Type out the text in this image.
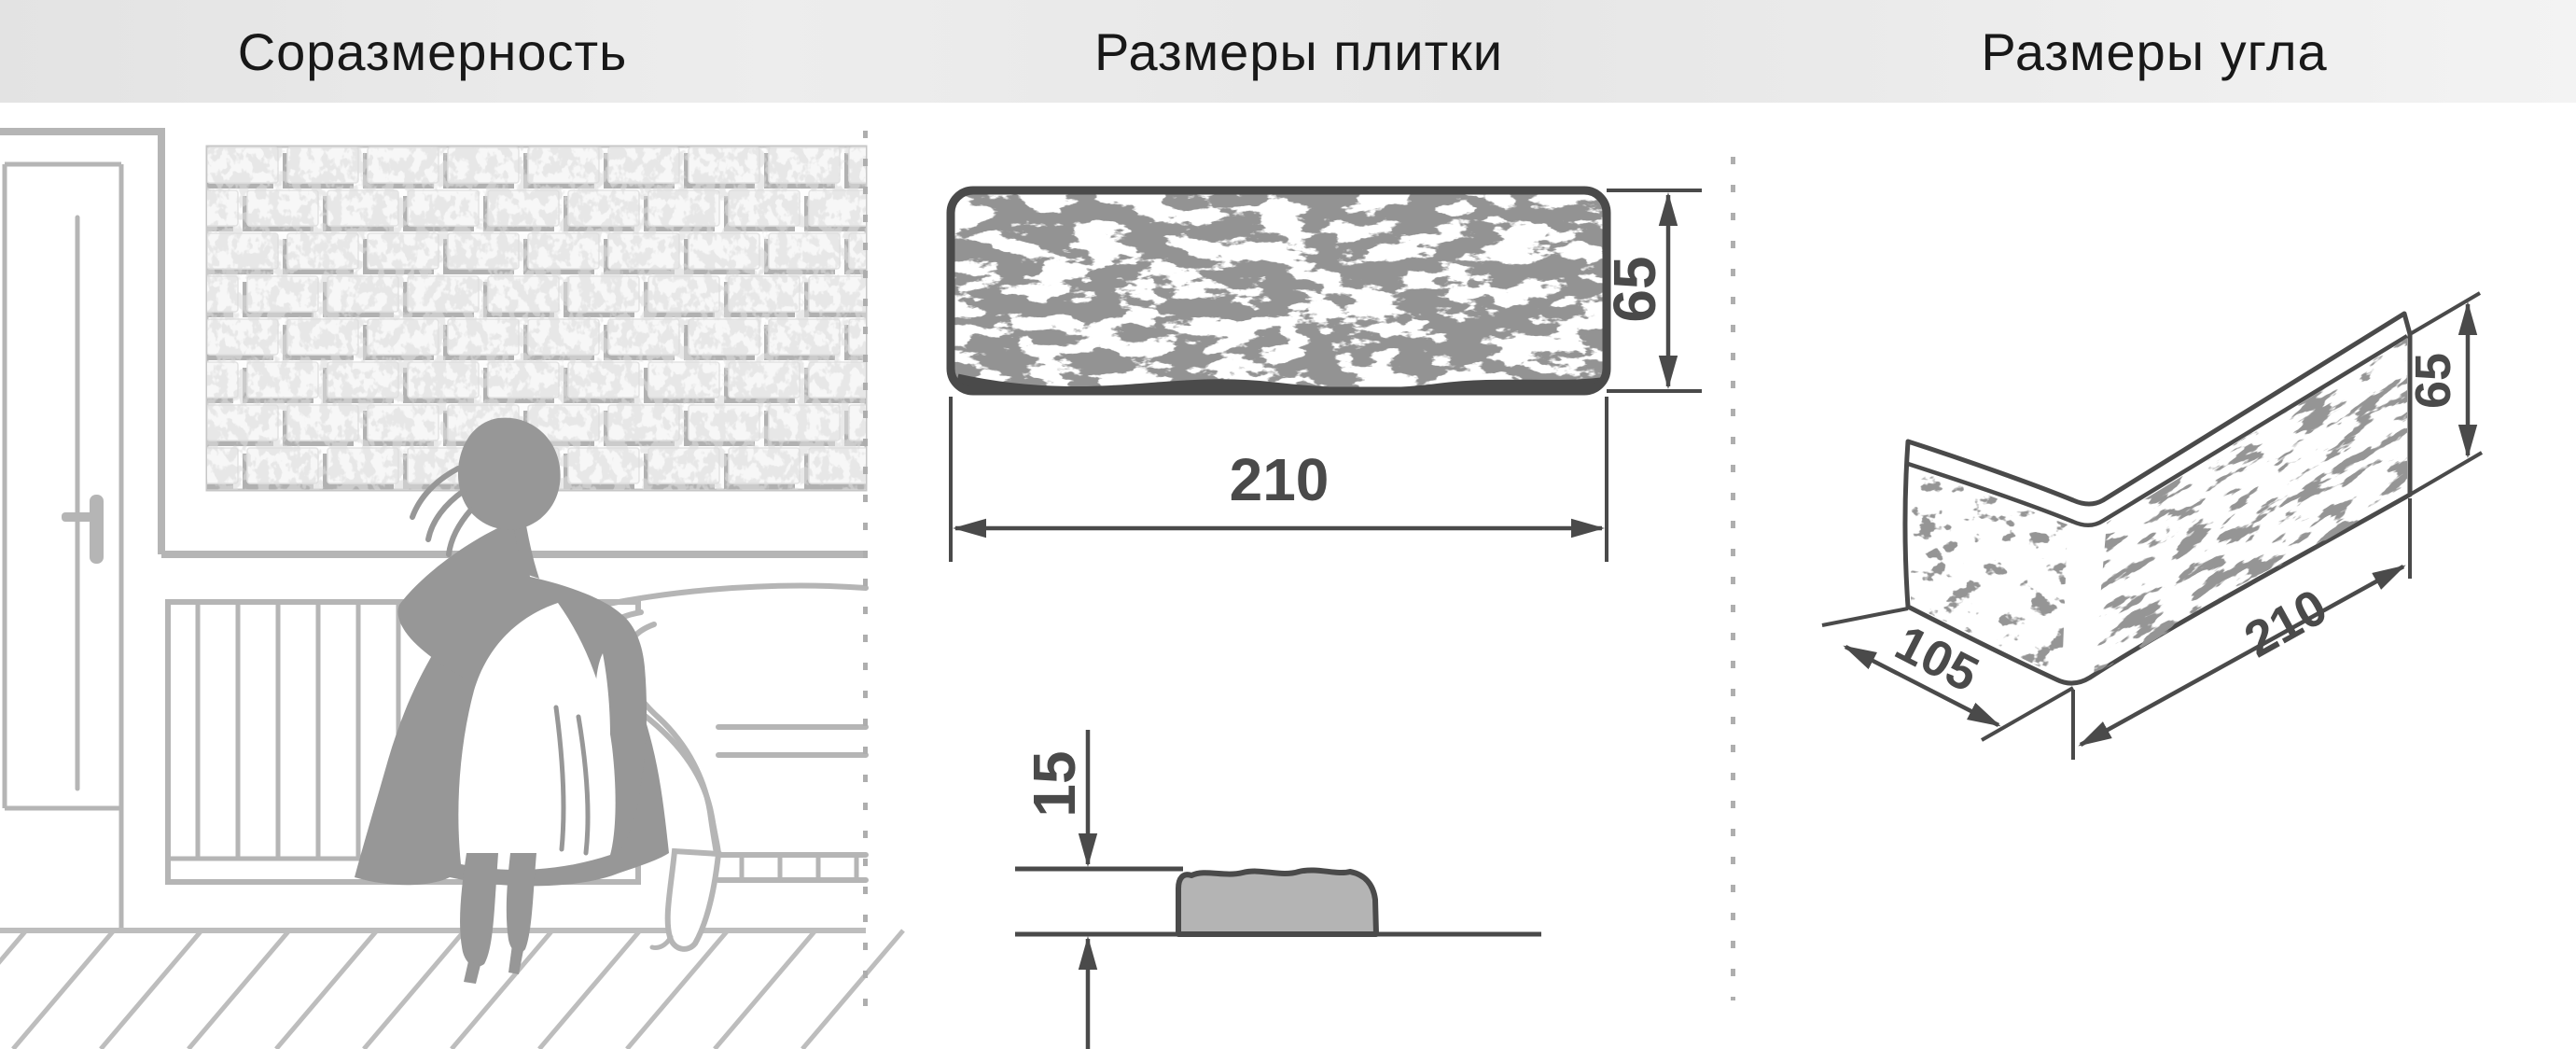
Соразмерность	Размеры плитки	Размеры угла
210
65
15
105	210
65
